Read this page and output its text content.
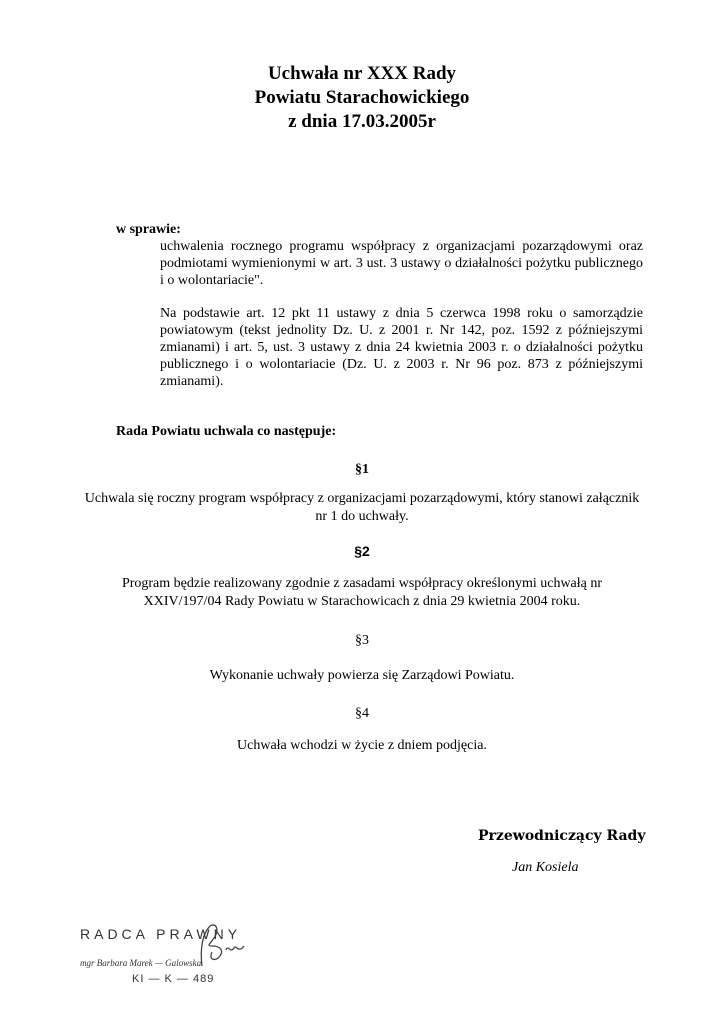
Uchwała nr XXX Rady
Powiatu Starachowickiego
z dnia 17.03.2005r
w sprawie:
uchwalenia rocznego programu współpracy z organizacjami pozarządowymi oraz podmiotami wymienionymi w art. 3 ust. 3 ustawy o działalności pożytku publicznego i o wolontariacie".
Na podstawie art. 12 pkt 11 ustawy z dnia 5 czerwca 1998 roku o samorządzie powiatowym (tekst jednolity Dz. U. z 2001 r. Nr 142, poz. 1592 z późniejszymi zmianami) i art. 5, ust. 3 ustawy z dnia 24 kwietnia 2003 r. o działalności pożytku publicznego i o wolontariacie (Dz. U. z 2003 r. Nr 96 poz. 873 z późniejszymi zmianami).
Rada Powiatu uchwala co następuje:
§1
Uchwala się roczny program współpracy z organizacjami pozarządowymi, który stanowi załącznik
nr 1 do uchwały.
§2
Program będzie realizowany zgodnie z zasadami współpracy określonymi uchwałą nr
XXIV/197/04 Rady Powiatu w Starachowicach z dnia 29 kwietnia 2004 roku.
§3
Wykonanie uchwały powierza się Zarządowi Powiatu.
§4
Uchwała wchodzi w życie z dniem podjęcia.
Przewodniczący Rady
Jan Kosiela
RADCA PRAWNY
mgr Barbara Marek — Galowska
KI — K — 489
